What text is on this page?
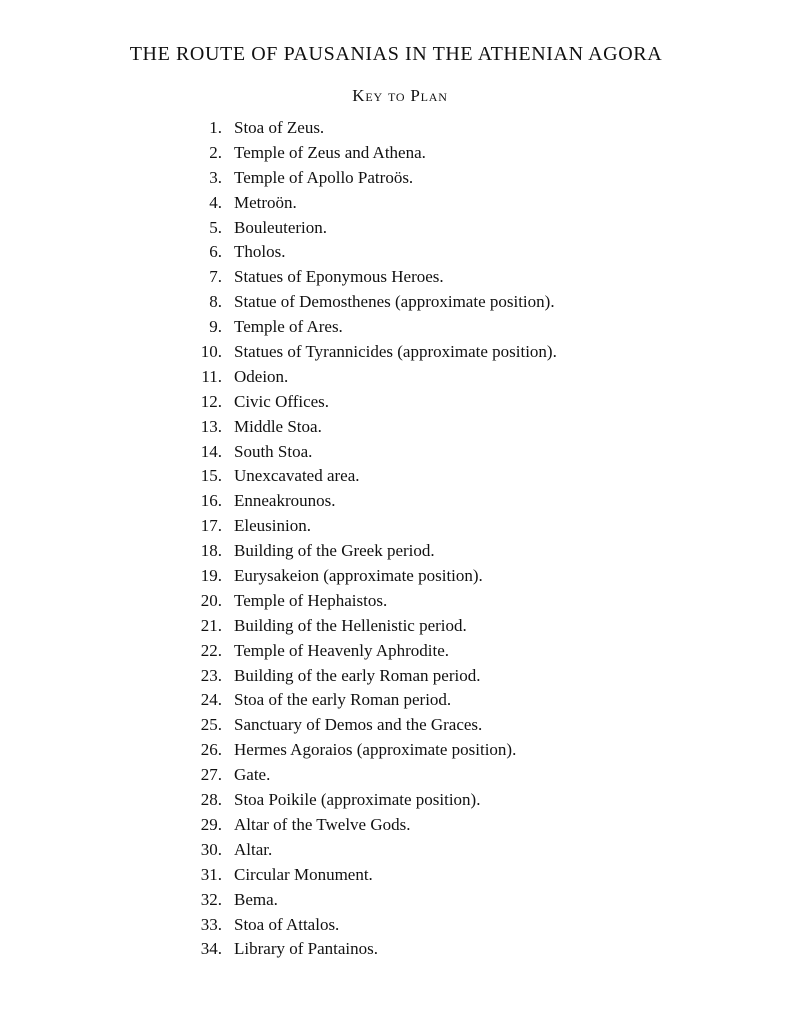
THE ROUTE OF PAUSANIAS IN THE ATHENIAN AGORA
Key to Plan
1. Stoa of Zeus.
2. Temple of Zeus and Athena.
3. Temple of Apollo Patroös.
4. Metroön.
5. Bouleuterion.
6. Tholos.
7. Statues of Eponymous Heroes.
8. Statue of Demosthenes (approximate position).
9. Temple of Ares.
10. Statues of Tyrannicides (approximate position).
11. Odeion.
12. Civic Offices.
13. Middle Stoa.
14. South Stoa.
15. Unexcavated area.
16. Enneakrounos.
17. Eleusinion.
18. Building of the Greek period.
19. Eurysakeion (approximate position).
20. Temple of Hephaistos.
21. Building of the Hellenistic period.
22. Temple of Heavenly Aphrodite.
23. Building of the early Roman period.
24. Stoa of the early Roman period.
25. Sanctuary of Demos and the Graces.
26. Hermes Agoraios (approximate position).
27. Gate.
28. Stoa Poikile (approximate position).
29. Altar of the Twelve Gods.
30. Altar.
31. Circular Monument.
32. Bema.
33. Stoa of Attalos.
34. Library of Pantainos.
